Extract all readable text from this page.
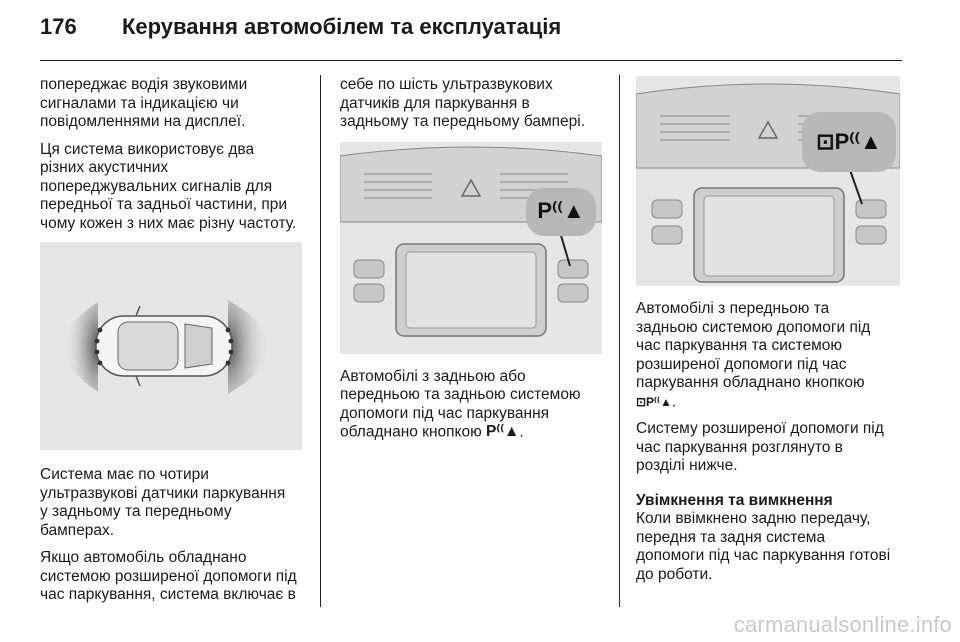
176	Керування автомобілем та експлуатація

попереджає водія звуковими
сигналами та індикацією чи
повідомленнями на дисплеї.

Ця система використовує два
різних акустичних
попереджувальних сигналів для
передньої та задньої частини, при
чому кожен з них має різну частоту.

Система має по чотири
ультразвукові датчики паркування
у задньому та передньому
бамперах.

Якщо автомобіль обладнано
системою розширеної допомоги під
час паркування, система включає в

себе по шість ультразвукових
датчиків для паркування в
задньому та передньому бампері.

P⁽⁽▲

Автомобілі з задньою або
передньою та задньою системою
допомоги під час паркування
обладнано кнопкою P⁽⁽▲.

⊡P⁽⁽▲

Автомобілі з передньою та
задньою системою допомоги під
час паркування та системою
розширеної допомоги під час
паркування обладнано кнопкою
⊡P⁽⁽▲.

Систему розширеної допомоги під
час паркування розглянуто в
розділі нижче.

Увімкнення та вимкнення

Коли ввімкнено задню передачу,
передня та задня система
допомоги під час паркування готові
до роботи.

carmanualsonline.info
